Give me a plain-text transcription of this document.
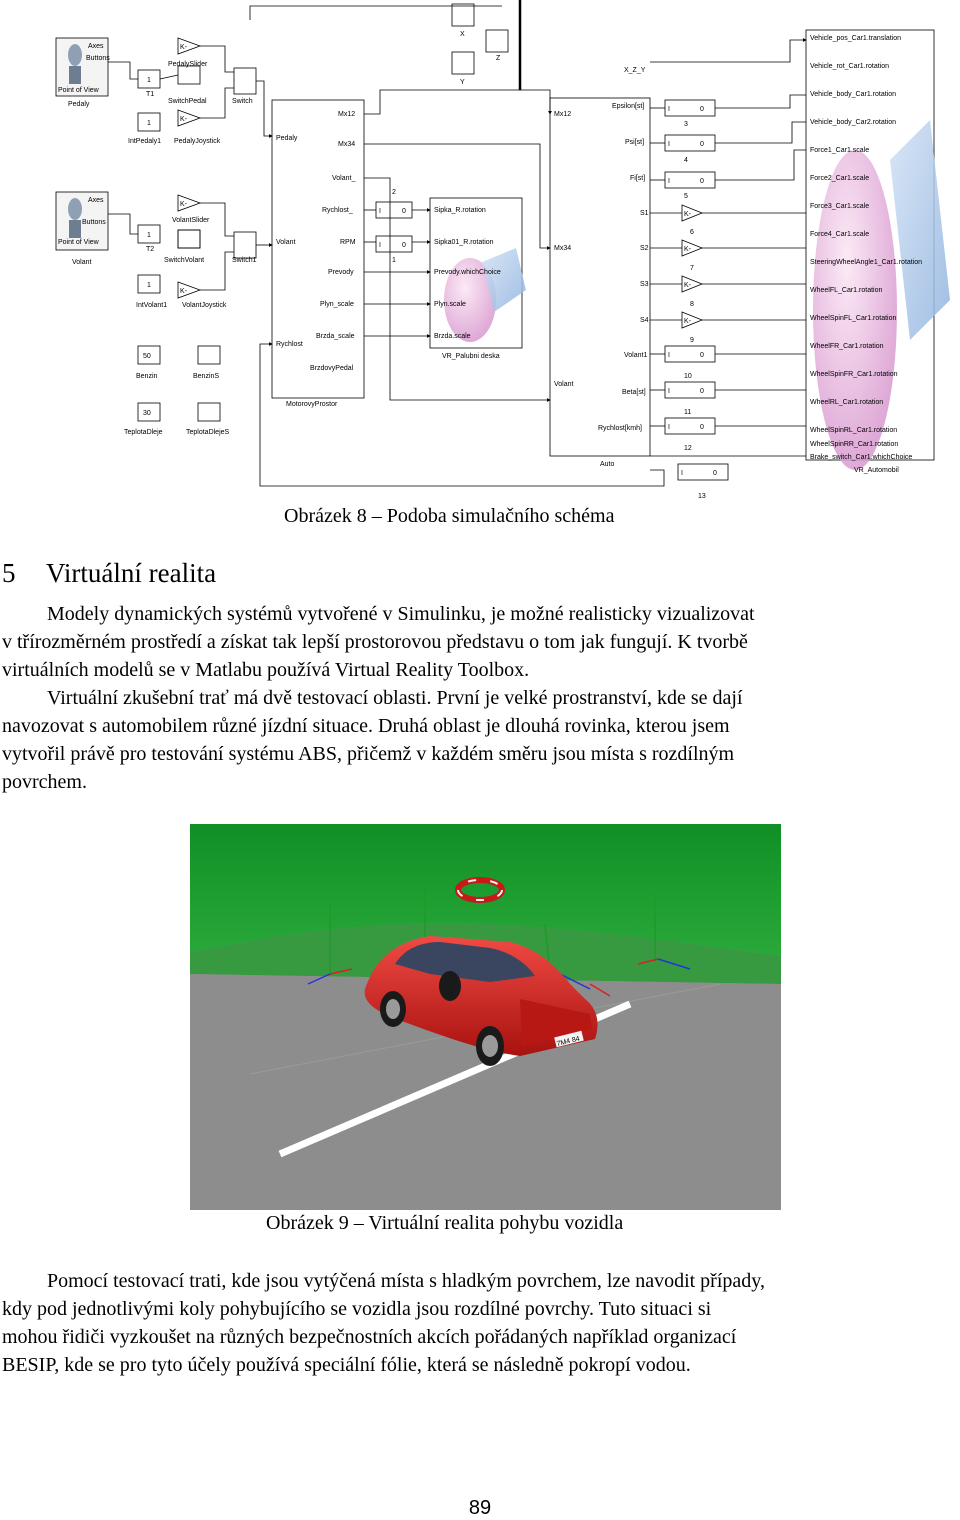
Axes
Buttons
Point of View
Pedaly
PedalySlider
SwitchPedal	Switch
T1
IntPedaly1 PedalyJoystick
Axes
Buttons
Point of View
Volant
VolantSlider
SwitchVolant	Switch1
T2
IntVolant1 VolantJoystick
50
Benzin	BenzinS
30
TeplotaDleje	TeplotaDlejeS
1
1
1
1
K-
K-
K-
K-
K-
K-
K-
K-
MotorovyProstor
Pedaly
Volant
Rychlost
Mx12
Mx34
Volant_
Rychlost_
RPM
Prevody
Plyn_scale
Brzda_scale
BrzdovyPedal
Auto
Mx12
Mx34
Volant
Epsilon[st]
Psi[st]
Fi[st]
S1
S2
S3
S4
Volant1
Beta[st]
Rychlost[kmh]
X_Z_Y
X
Z
Y
2
1
3
4
5
6
7
8
9
10
11
12
13
I	0
I	0
I	0
I	0
I	0
I	0
I	0
I	0
I	0
VR_Palubni deska
Sipka_R.rotation
Sipka01_R.rotation
Prevody.whichChoice
Plyn.scale
Brzda.scale
VR_Automobil
Vehicle_pos_Car1.translation
Vehicle_rot_Car1.rotation
Vehicle_body_Car1.rotation
Vehicle_body_Car2.rotation
Force1_Car1.scale
Force2_Car1.scale
Force3_Car1.scale
Force4_Car1.scale
SteeringWheelAngle1_Car1.rotation
WheelFL_Car1.rotation
WheelSpinFL_Car1.rotation
WheelFR_Car1.rotation
WheelSpinFR_Car1.rotation
WheelRL_Car1.rotation
WheelSpinRL_Car1.rotation
WheelSpinRR_Car1.rotation
Brake_switch_Car1.whichChoice
Obrázek 8 – Podoba simulačního schéma
5 Virtuální realita
Modely dynamických systémů vytvořené v Simulinku, je možné realisticky vizualizovat
v třírozměrném prostředí a získat tak lepší prostorovou představu o tom jak fungují. K tvorbě
virtuálních modelů se v Matlabu používá Virtual Reality Toolbox.
Virtuální zkušební trať má dvě testovací oblasti. První je velké prostranství, kde se dají
navozovat s automobilem různé jízdní situace. Druhá oblast je dlouhá rovinka, kterou jsem
vytvořil právě pro testování systému ABS, přičemž v každém směru jsou místa s rozdílným
povrchem.
7M4 84
Obrázek 9 – Virtuální realita pohybu vozidla
Pomocí testovací trati, kde jsou vytýčená místa s hladkým povrchem, lze navodit případy,
kdy pod jednotlivými koly pohybujícího se vozidla jsou rozdílné povrchy. Tuto situaci si
mohou řidiči vyzkoušet na různých bezpečnostních akcích pořádaných například organizací
BESIP, kde se pro tyto účely používá speciální fólie, která se následně pokropí vodou.
89
